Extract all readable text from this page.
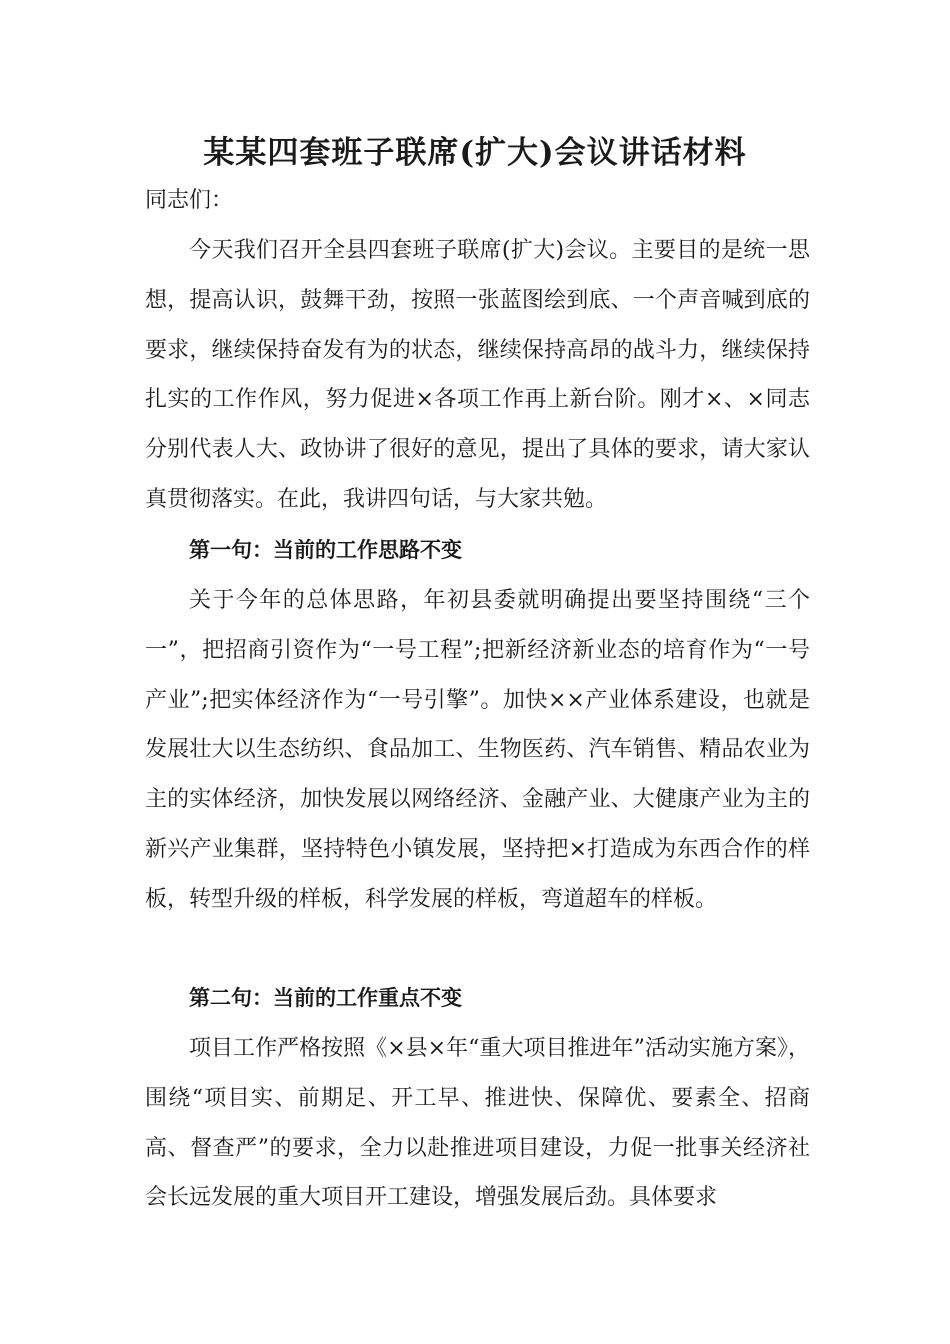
某某四套班子联席(扩大)会议讲话材料

同志们：

今天我们召开全县四套班子联席(扩大)会议。主要目的是统一思想，提高认识，鼓舞干劲，按照一张蓝图绘到底、一个声音喊到底的要求，继续保持奋发有为的状态，继续保持高昂的战斗力，继续保持扎实的工作作风，努力促进×各项工作再上新台阶。刚才×、×同志分别代表人大、政协讲了很好的意见，提出了具体的要求，请大家认真贯彻落实。在此，我讲四句话，与大家共勉。

第一句：当前的工作思路不变

关于今年的总体思路，年初县委就明确提出要坚持围绕“三个一”，把招商引资作为“一号工程”;把新经济新业态的培育作为“一号产业”;把实体经济作为“一号引擎”。加快××产业体系建设，也就是发展壮大以生态纺织、食品加工、生物医药、汽车销售、精品农业为主的实体经济，加快发展以网络经济、金融产业、大健康产业为主的新兴产业集群，坚持特色小镇发展，坚持把×打造成为东西合作的样板，转型升级的样板，科学发展的样板，弯道超车的样板。

第二句：当前的工作重点不变

项目工作严格按照《×县×年“重大项目推进年”活动实施方案》，围绕“项目实、前期足、开工早、推进快、保障优、要素全、招商高、督查严”的要求，全力以赴推进项目建设，力促一批事关经济社会长远发展的重大项目开工建设，增强发展后劲。具体要求
